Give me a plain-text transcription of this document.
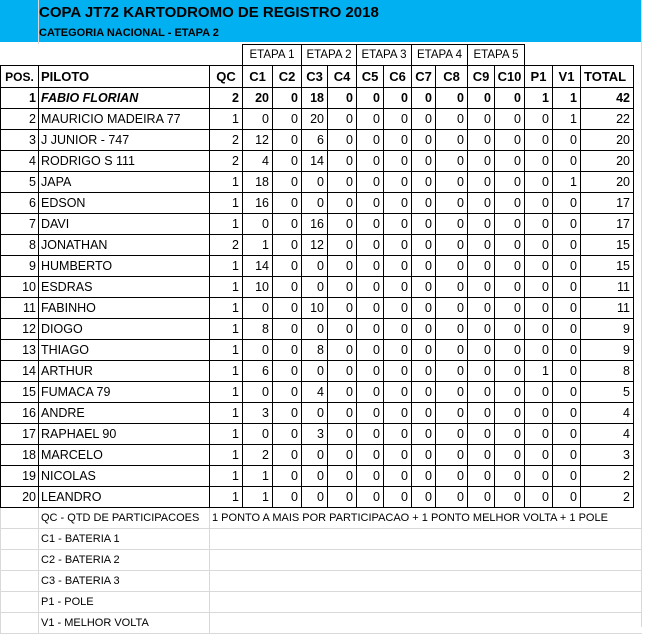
COPA JT72 KARTODROMO DE REGISTRO 2018
CATEGORIA NACIONAL - ETAPA 2
			ETAPA 1		ETAPA 2		ETAPA 3		ETAPA 4		ETAPA 5				
POS.	PILOTO	QC	C1	C2	C3	C4	C5	C6	C7	C8	C9	C10	P1	V1	TOTAL
1	FABIO FLORIAN	2	20	0	18	0	0	0	0	0	0	0	1	1	42
2	MAURICIO MADEIRA 77	1	0	0	20	0	0	0	0	0	0	0	0	1	22
3	J JUNIOR - 747	2	12	0	6	0	0	0	0	0	0	0	0	0	20
4	RODRIGO S 111	2	4	0	14	0	0	0	0	0	0	0	0	0	20
5	JAPA	1	18	0	0	0	0	0	0	0	0	0	0	1	20
6	EDSON	1	16	0	0	0	0	0	0	0	0	0	0	0	17
7	DAVI	1	0	0	16	0	0	0	0	0	0	0	0	0	17
8	JONATHAN	2	1	0	12	0	0	0	0	0	0	0	0	0	15
9	HUMBERTO	1	14	0	0	0	0	0	0	0	0	0	0	0	15
10	ESDRAS	1	10	0	0	0	0	0	0	0	0	0	0	0	11
11	FABINHO	1	0	0	10	0	0	0	0	0	0	0	0	0	11
12	DIOGO	1	8	0	0	0	0	0	0	0	0	0	0	0	9
13	THIAGO	1	0	0	8	0	0	0	0	0	0	0	0	0	9
14	ARTHUR	1	6	0	0	0	0	0	0	0	0	0	1	0	8
15	FUMACA 79	1	0	0	4	0	0	0	0	0	0	0	0	0	5
16	ANDRE	1	3	0	0	0	0	0	0	0	0	0	0	0	4
17	RAPHAEL 90	1	0	0	3	0	0	0	0	0	0	0	0	0	4
18	MARCELO	1	2	0	0	0	0	0	0	0	0	0	0	0	3
19	NICOLAS	1	1	0	0	0	0	0	0	0	0	0	0	0	2
20	LEANDRO	1	1	0	0	0	0	0	0	0	0	0	0	0	2
	QC - QTD DE PARTICIPACOES	1 PONTO A MAIS POR PARTICIPACAO + 1 PONTO MELHOR VOLTA + 1 POLE
	C1 - BATERIA 1	
	C2 - BATERIA 2	
	C3 - BATERIA 3	
	P1 - POLE	
	V1 - MELHOR VOLTA	
